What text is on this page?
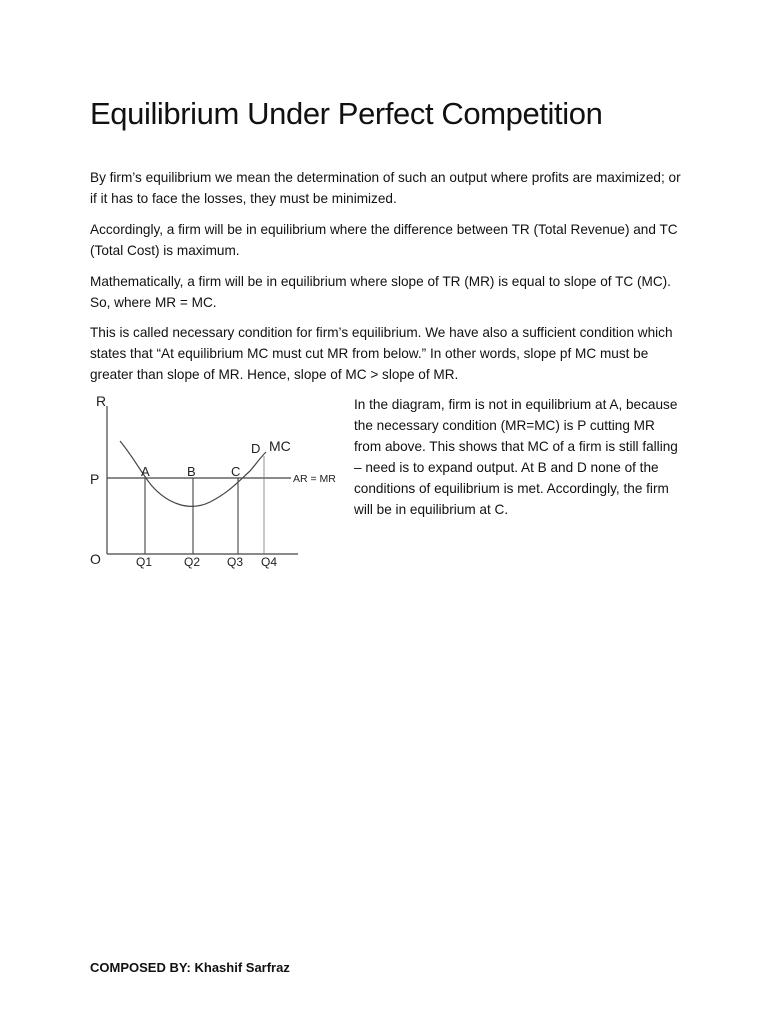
Equilibrium Under Perfect Competition

By firm’s equilibrium we mean the determination of such an output where profits are maximized; or if it has to face the losses, they must be minimized.

Accordingly, a firm will be in equilibrium where the difference between TR (Total Revenue) and TC (Total Cost) is maximum.

Mathematically, a firm will be in equilibrium where slope of TR (MR) is equal to slope of TC (MC). So, where MR = MC.

This is called necessary condition for firm’s equilibrium. We have also a sufficient condition which states that “At equilibrium MC must cut MR from below.” In other words, slope pf MC must be greater than slope of MR. Hence, slope of MC > slope of MR.

R
P
O
A	B	C
D MC
AR = MR
Q1	Q2 Q3 Q4

In the diagram, firm is not in equilibrium at A, because the necessary condition (MR=MC) is P cutting MR from above. This shows that MC of a firm is still falling – need is to expand output. At B and D none of the conditions of equilibrium is met. Accordingly, the firm will be in equilibrium at C.

COMPOSED BY: Khashif Sarfraz
